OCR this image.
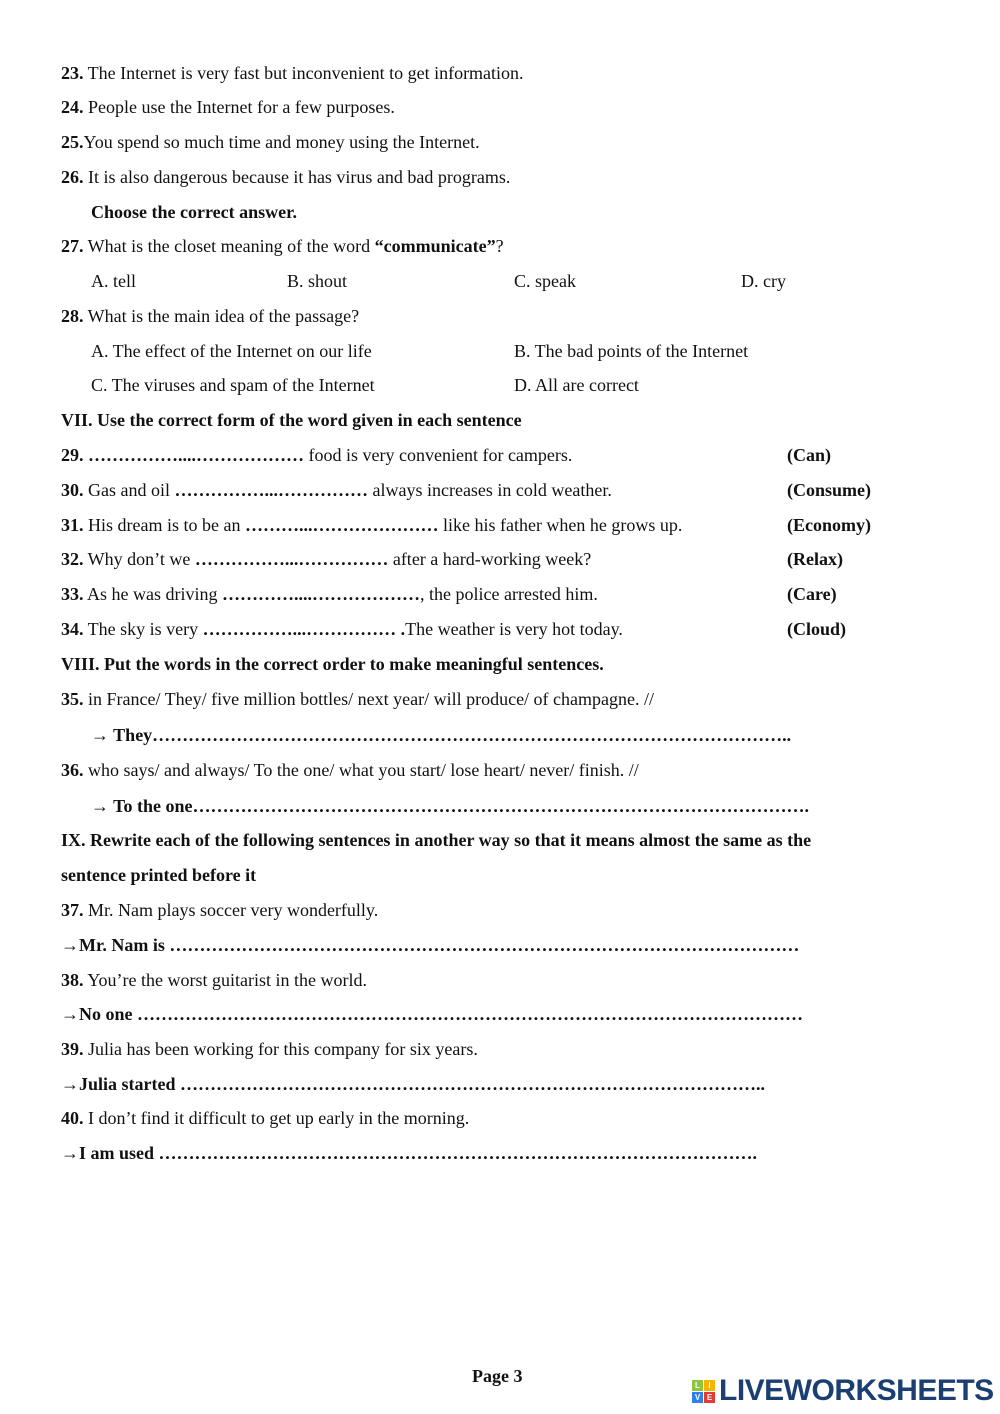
23. The Internet is very fast but inconvenient to get information.
24. People use the Internet for a few purposes.
25.You spend so much time and money using the Internet.
26. It is also dangerous because it has virus and bad programs.
Choose the correct answer.
27. What is the closet meaning of the word “communicate”?
A. tell	B. shout	C. speak	D. cry
28. What is the main idea of the passage?
A. The effect of the Internet on our life	B. The bad points of the Internet
C. The viruses and spam of the Internet	D. All are correct
VII. Use the correct form of the word given in each sentence
29. ……………....……………… food is very convenient for campers.	(Can)
30. Gas and oil ……………...…………… always increases in cold weather.	(Consume)
31. His dream is to be an ………...………………… like his father when he grows up.	(Economy)
32. Why don’t we ……………...…………… after a hard-working week?	(Relax)
33. As he was driving …………....………………, the police arrested him.	(Care)
34. The sky is very ……………...…………… .The weather is very hot today.	(Cloud)
VIII. Put the words in the correct order to make meaningful sentences.
35. in France/ They/ five million bottles/ next year/ will produce/ of champagne. //
→ They……………………………………………………………………………………………..
36. who says/ and always/ To the one/ what you start/ lose heart/ never/ finish. //
→ To the one………………………………………………………………………………………….
IX. Rewrite each of the following sentences in another way so that it means almost the same as the
sentence printed before it
37. Mr. Nam plays soccer very wonderfully.
→Mr. Nam is ……………………………………………………………………………………………
38. You’re the worst guitarist in the world.
→No one …………………………………………………………………………………………………
39. Julia has been working for this company for six years.
→Julia started ……………………………………………………………………………………..
40. I don’t find it difficult to get up early in the morning.
→I am used ……………………………………………………………………………………….
Page 3	L	I
V E LIVEWORKSHEETS
